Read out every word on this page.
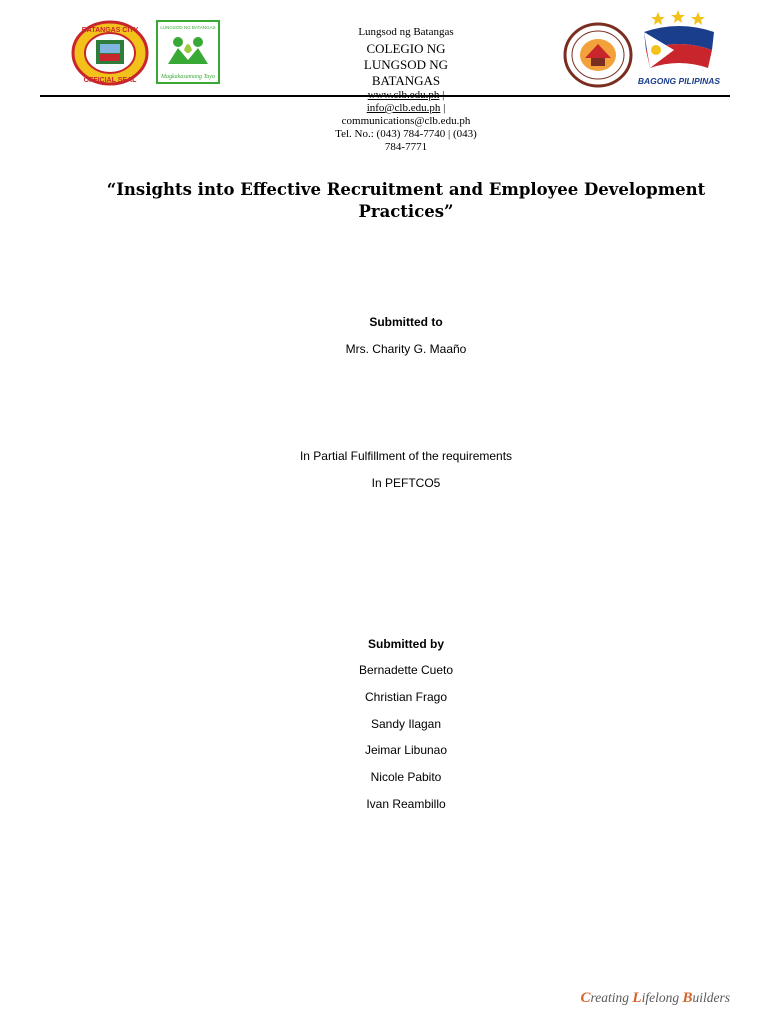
BATANGAS CITY
OFFICIAL SEAL
LUNGSOD NG BATANGAS
Magkakasamang Tayo
Lungsod ng Batangas
COLEGIO NG
LUNGSOD NG
BATANGAS
www.clb.edu.ph |
info@clb.edu.ph |
communications@clb.edu.ph
Tel. No.: (043) 784-7740 | (043)
784-7771
BAGONG PILIPINAS
“Insights into Effective Recruitment and Employee Development
Practices”
Submitted to
Mrs. Charity G. Maaño
In Partial Fulfillment of the requirements
In PEFTCO5
Submitted by
Bernadette Cueto
Christian Frago
Sandy Ilagan
Jeimar Libunao
Nicole Pabito
Ivan Reambillo
Creating Lifelong Builders
